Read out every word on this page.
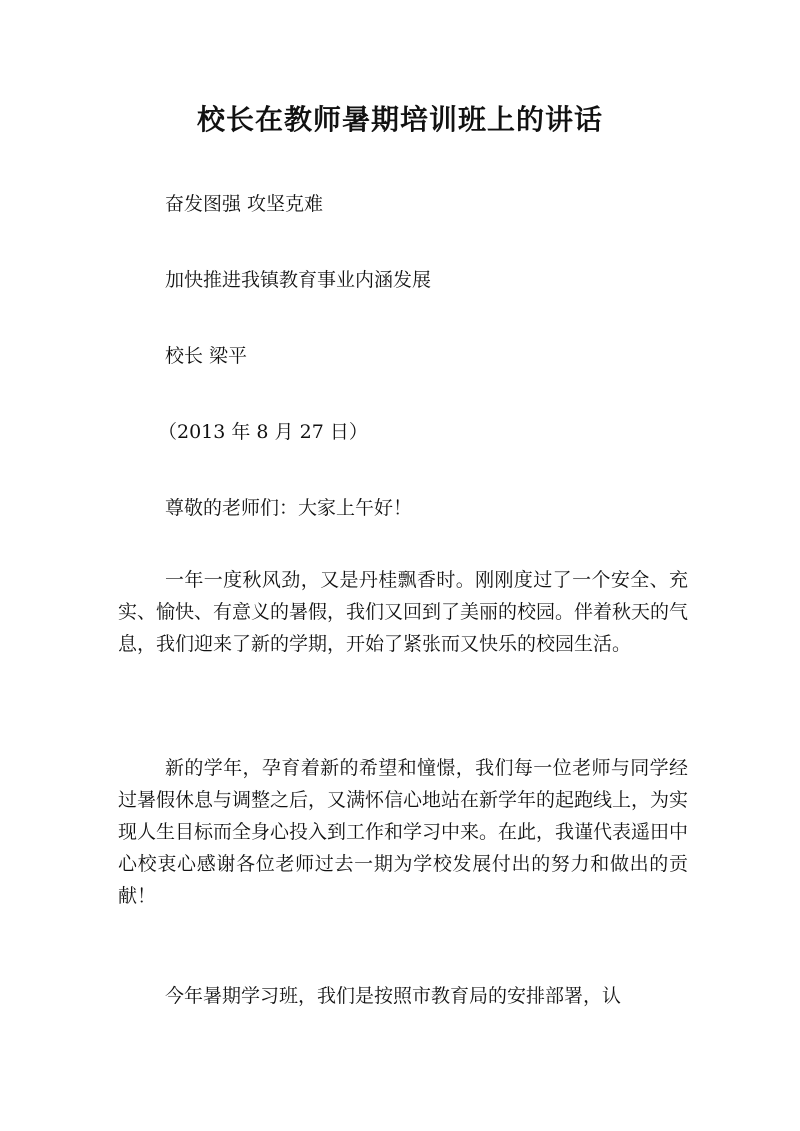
校长在教师暑期培训班上的讲话

奋发图强 攻坚克难

加快推进我镇教育事业内涵发展

校长 梁平

（2013 年 8 月 27 日）

尊敬的老师们：大家上午好！

一年一度秋风劲，又是丹桂飘香时。刚刚度过了一个安全、充实、愉快、有意义的暑假，我们又回到了美丽的校园。伴着秋天的气息，我们迎来了新的学期，开始了紧张而又快乐的校园生活。

新的学年，孕育着新的希望和憧憬，我们每一位老师与同学经过暑假休息与调整之后，又满怀信心地站在新学年的起跑线上，为实现人生目标而全身心投入到工作和学习中来。在此，我谨代表遥田中心校衷心感谢各位老师过去一期为学校发展付出的努力和做出的贡献！

今年暑期学习班，我们是按照市教育局的安排部署，认
